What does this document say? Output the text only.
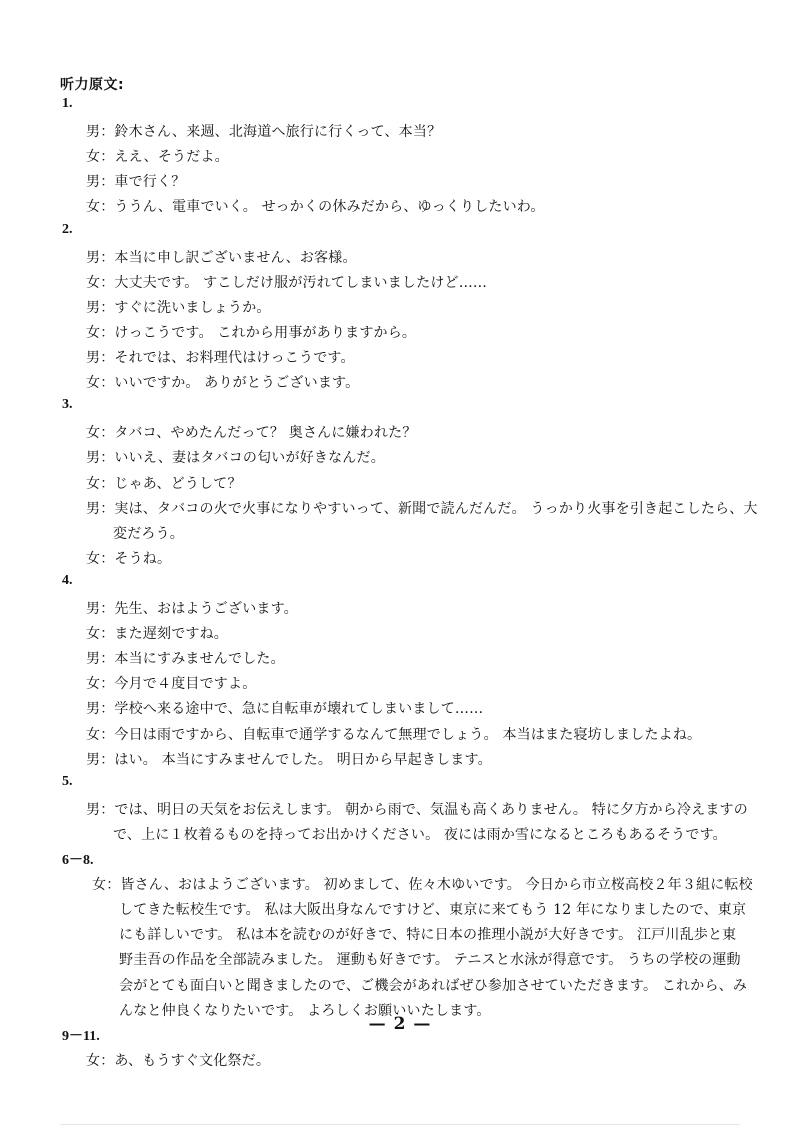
听力原文:
1.
男：鈴木さん、来週、北海道へ旅行に行くって、本当？
女：ええ、そうだよ。
男：車で行く？
女：ううん、電車でいく。 せっかくの休みだから、ゆっくりしたいわ。
2.
男：本当に申し訳ございません、お客様。
女：大丈夫です。 すこしだけ服が汚れてしまいましたけど……
男：すぐに洗いましょうか。
女：けっこうです。 これから用事がありますから。
男：それでは、お料理代はけっこうです。
女：いいですか。 ありがとうございます。
3.
女：タバコ、やめたんだって？ 奥さんに嫌われた？
男：いいえ、妻はタバコの匂いが好きなんだ。
女：じゃあ、どうして？
男：実は、タバコの火で火事になりやすいって、新聞で読んだんだ。 うっかり火事を引き起こしたら、大
変だろう。
女：そうね。
4.
男：先生、おはようございます。
女：また遅刻ですね。
男：本当にすみませんでした。
女：今月で４度目ですよ。
男：学校へ来る途中で、急に自転車が壊れてしまいまして……
女：今日は雨ですから、自転車で通学するなんて無理でしょう。 本当はまた寝坊しましたよね。
男：はい。 本当にすみませんでした。 明日から早起きします。
5.
男：では、明日の天気をお伝えします。 朝から雨で、気温も高くありません。 特に夕方から冷えますの
で、上に１枚着るものを持ってお出かけください。 夜には雨か雪になるところもあるそうです。
6－8.
女：皆さん、おはようございます。 初めまして、佐々木ゆいです。 今日から市立桜高校２年３組に転校
してきた転校生です。 私は大阪出身なんですけど、東京に来てもう 12 年になりましたので、東京
にも詳しいです。 私は本を読むのが好きで、特に日本の推理小説が大好きです。 江戸川乱歩と東
野圭吾の作品を全部読みました。 運動も好きです。 テニスと水泳が得意です。 うちの学校の運動
会がとても面白いと聞きましたので、ご機会があればぜひ参加させていただきます。 これから、み
んなと仲良くなりたいです。 よろしくお願いいたします。
9－11.
女：あ、もうすぐ文化祭だ。
— 2 —
